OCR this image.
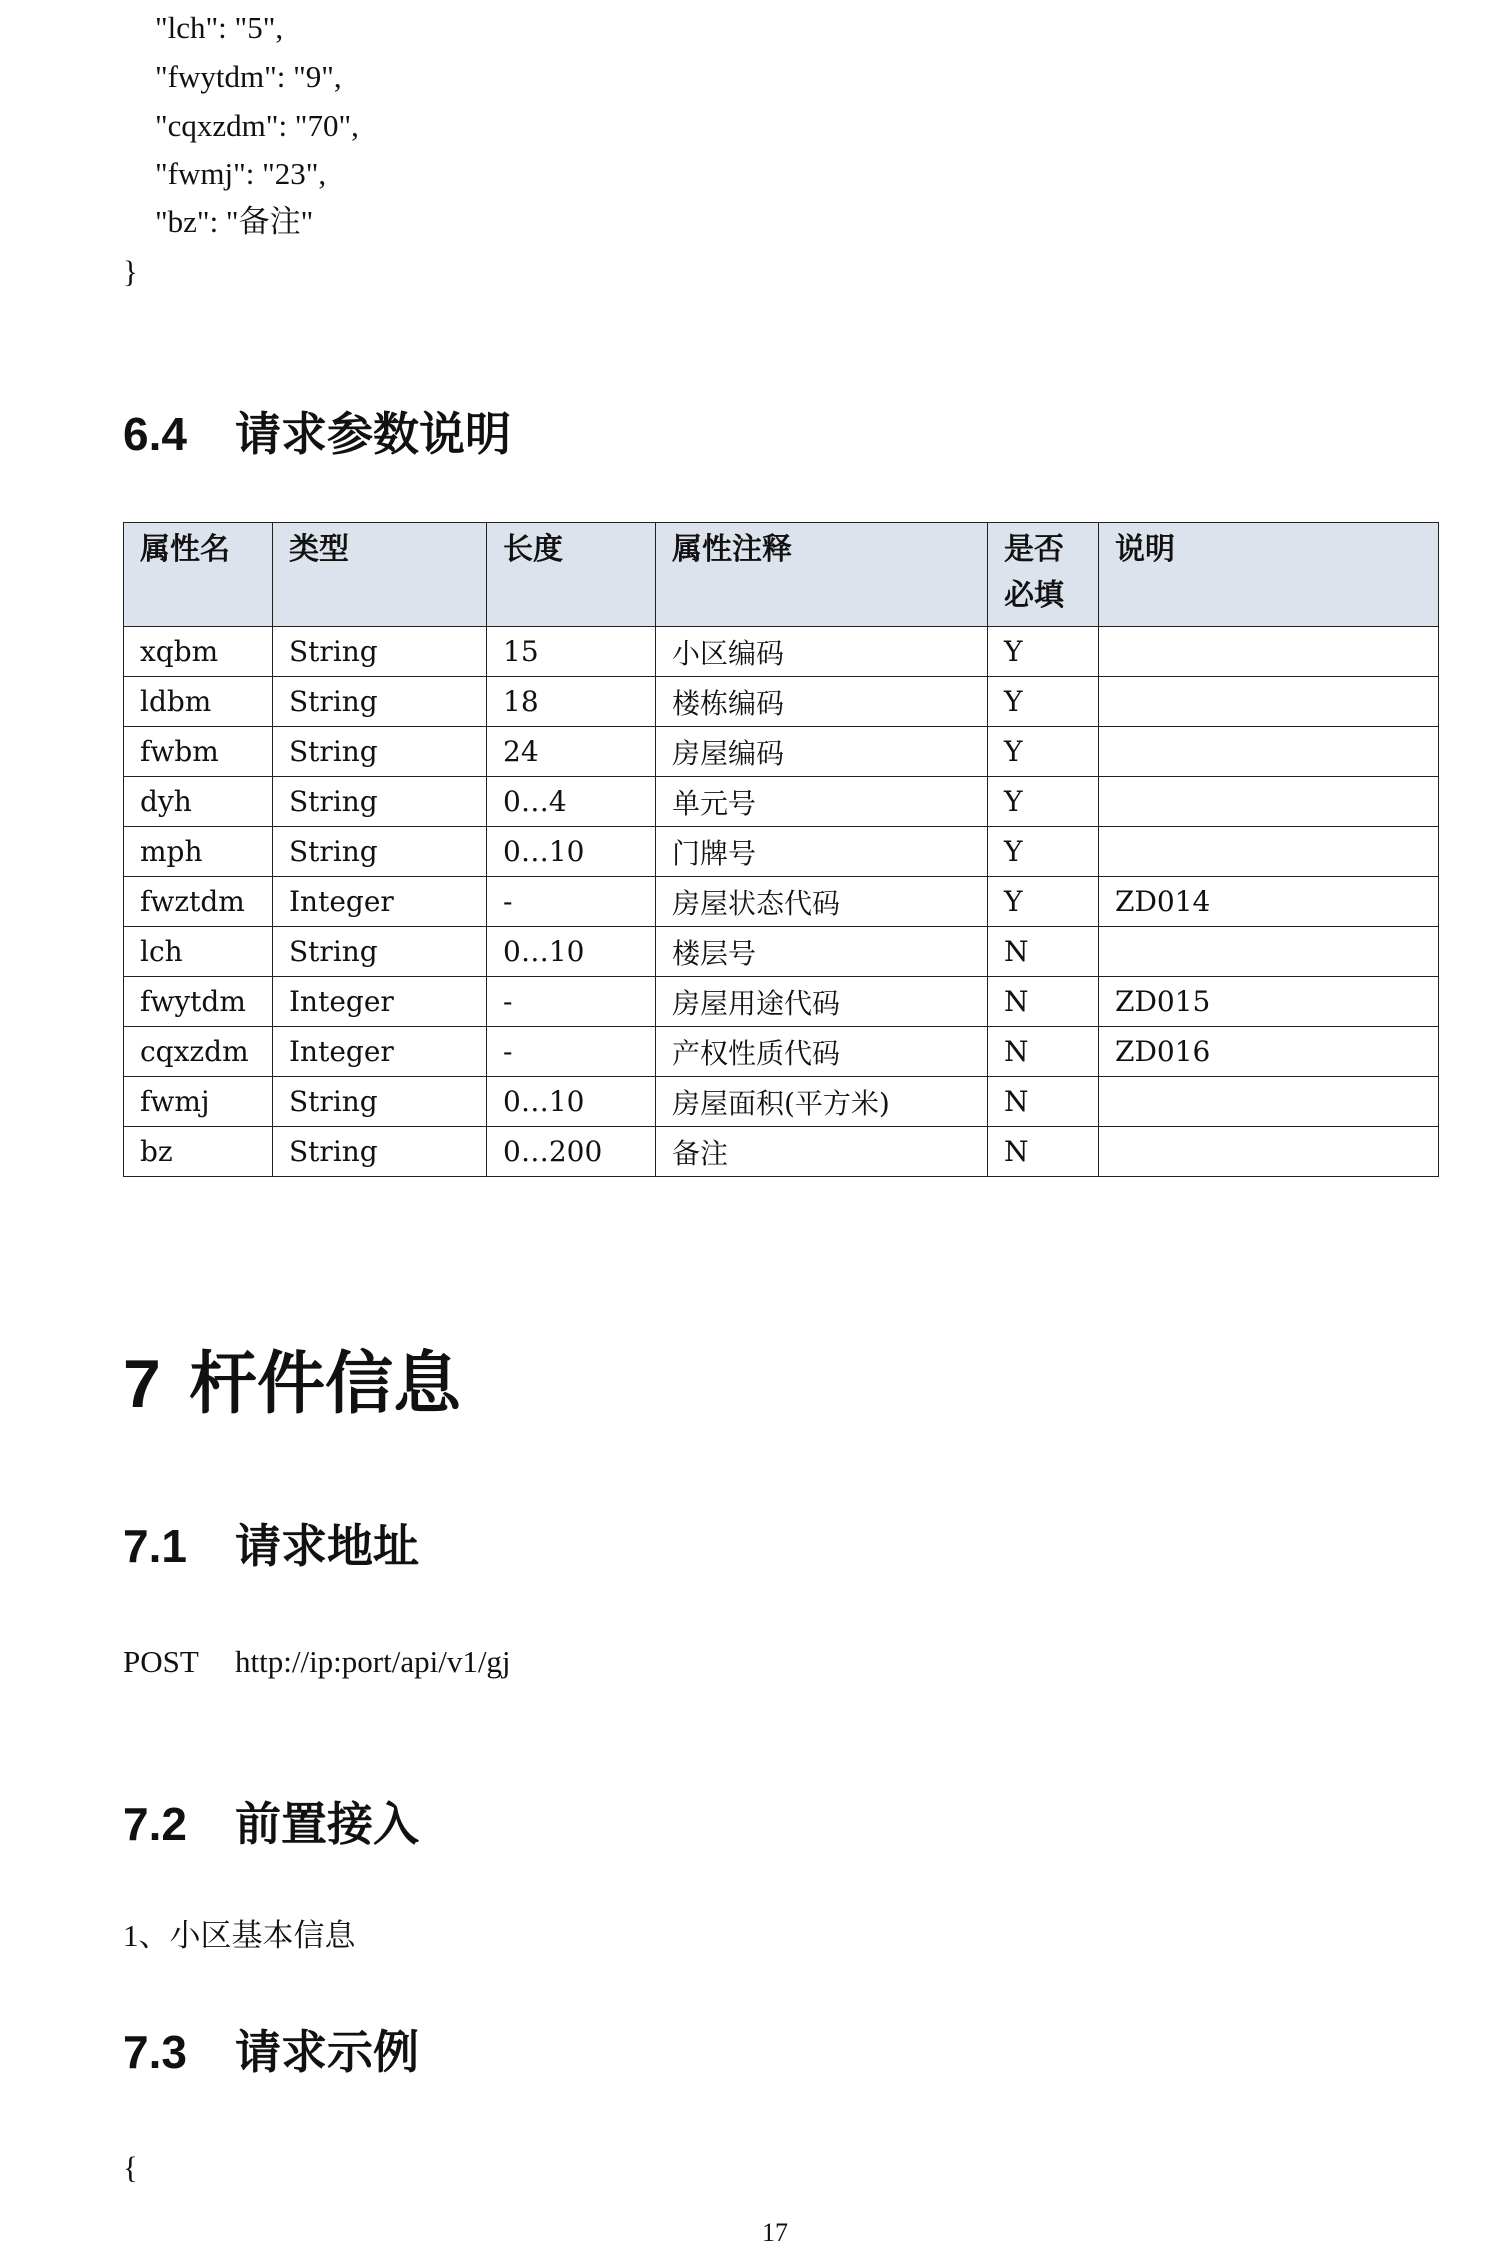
"lch": "5",
"fwytdm": "9",
"cqxzdm": "70",
"fwmj": "23",
"bz": "备注"
}
6.4 请求参数说明
属性名	类型	长度	属性注释	是否必填	说明
xqbm	String	15	小区编码	Y	
ldbm	String	18	楼栋编码	Y	
fwbm	String	24	房屋编码	Y	
dyh	String	0…4	单元号	Y	
mph	String	0…10	门牌号	Y	
fwztdm	Integer	-	房屋状态代码	Y	ZD014
lch	String	0…10	楼层号	N	
fwytdm	Integer	-	房屋用途代码	N	ZD015
cqxzdm	Integer	-	产权性质代码	N	ZD016
fwmj	String	0…10	房屋面积(平方米)	N	
bz	String	0…200	备注	N	
7 杆件信息
7.1 请求地址
POST http://ip:port/api/v1/gj
7.2 前置接入
1、小区基本信息
7.3 请求示例
{
17
